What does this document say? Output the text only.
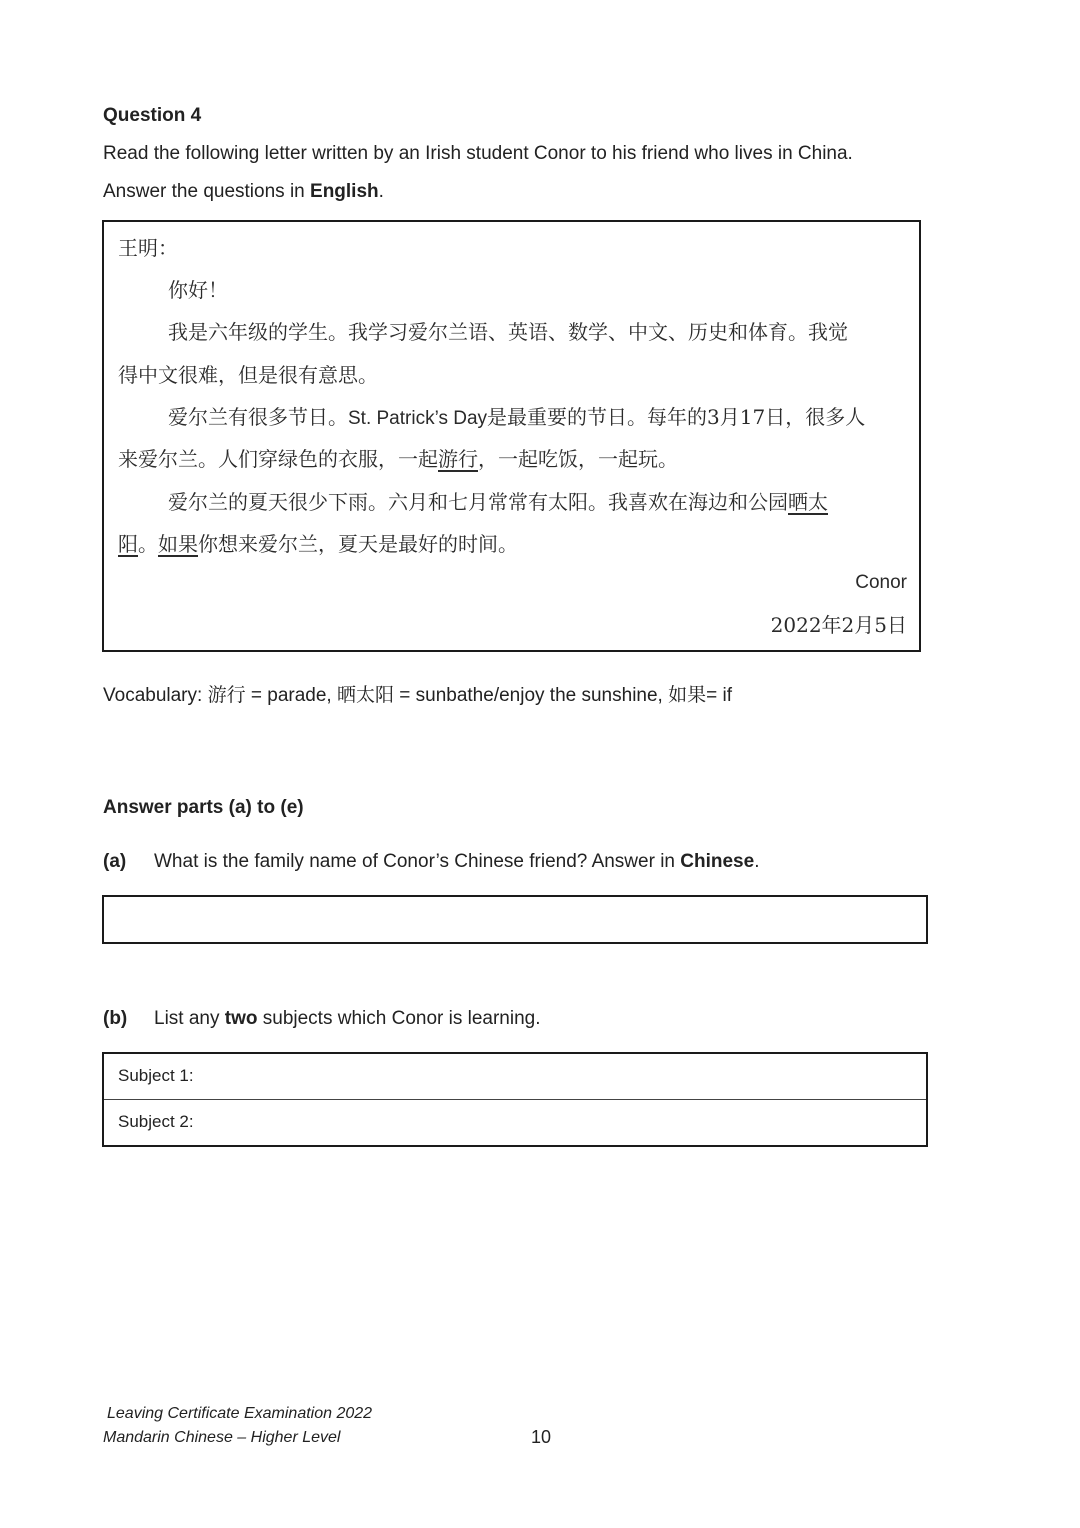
Question 4
Read the following letter written by an Irish student Conor to his friend who lives in China.
Answer the questions in English.
王明：
你好！
我是六年级的学生。我学习爱尔兰语、英语、数学、中文、历史和体育。我觉
得中文很难，但是很有意思。
爱尔兰有很多节日。St. Patrick’s Day是最重要的节日。每年的3月17日，很多人
来爱尔兰。人们穿绿色的衣服，一起游行，一起吃饭，一起玩。
爱尔兰的夏天很少下雨。六月和七月常常有太阳。我喜欢在海边和公园晒太
阳。如果你想来爱尔兰，夏天是最好的时间。
Conor
2022年2月5日
Vocabulary: 游行 = parade, 晒太阳 = sunbathe/enjoy the sunshine, 如果= if
Answer parts (a) to (e)
(a) What is the family name of Conor’s Chinese friend? Answer in Chinese.
(b) List any two subjects which Conor is learning.
Subject 1:
Subject 2:
Leaving Certificate Examination 2022
Mandarin Chinese – Higher Level	10
